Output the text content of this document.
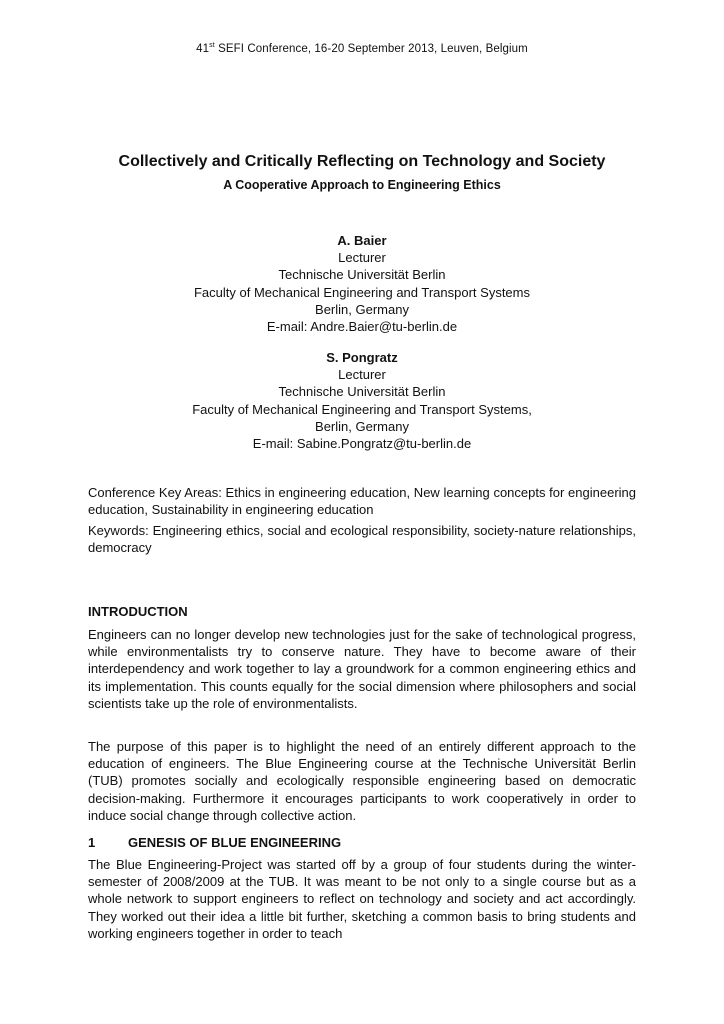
41st SEFI Conference, 16-20 September 2013, Leuven, Belgium
Collectively and Critically Reflecting on Technology and Society
A Cooperative Approach to Engineering Ethics
A. Baier
Lecturer
Technische Universität Berlin
Faculty of Mechanical Engineering and Transport Systems
Berlin, Germany
E-mail: Andre.Baier@tu-berlin.de
S. Pongratz
Lecturer
Technische Universität Berlin
Faculty of Mechanical Engineering and Transport Systems,
Berlin, Germany
E-mail: Sabine.Pongratz@tu-berlin.de
Conference Key Areas: Ethics in engineering education, New learning concepts for engineering education, Sustainability in engineering education
Keywords: Engineering ethics, social and ecological responsibility, society-nature relationships, democracy
INTRODUCTION
Engineers can no longer develop new technologies just for the sake of technological progress, while environmentalists try to conserve nature. They have to become aware of their interdependency and work together to lay a groundwork for a common engineering ethics and its implementation. This counts equally for the social dimension where philosophers and social scientists take up the role of environmentalists.
The purpose of this paper is to highlight the need of an entirely different approach to the education of engineers. The Blue Engineering course at the Technische Universität Berlin (TUB) promotes socially and ecologically responsible engineering based on democratic decision-making. Furthermore it encourages participants to work cooperatively in order to induce social change through collective action.
1	GENESIS OF BLUE ENGINEERING
The Blue Engineering-Project was started off by a group of four students during the winter-semester of 2008/2009 at the TUB. It was meant to be not only to a single course but as a whole network to support engineers to reflect on technology and society and act accordingly. They worked out their idea a little bit further, sketching a common basis to bring students and working engineers together in order to teach
